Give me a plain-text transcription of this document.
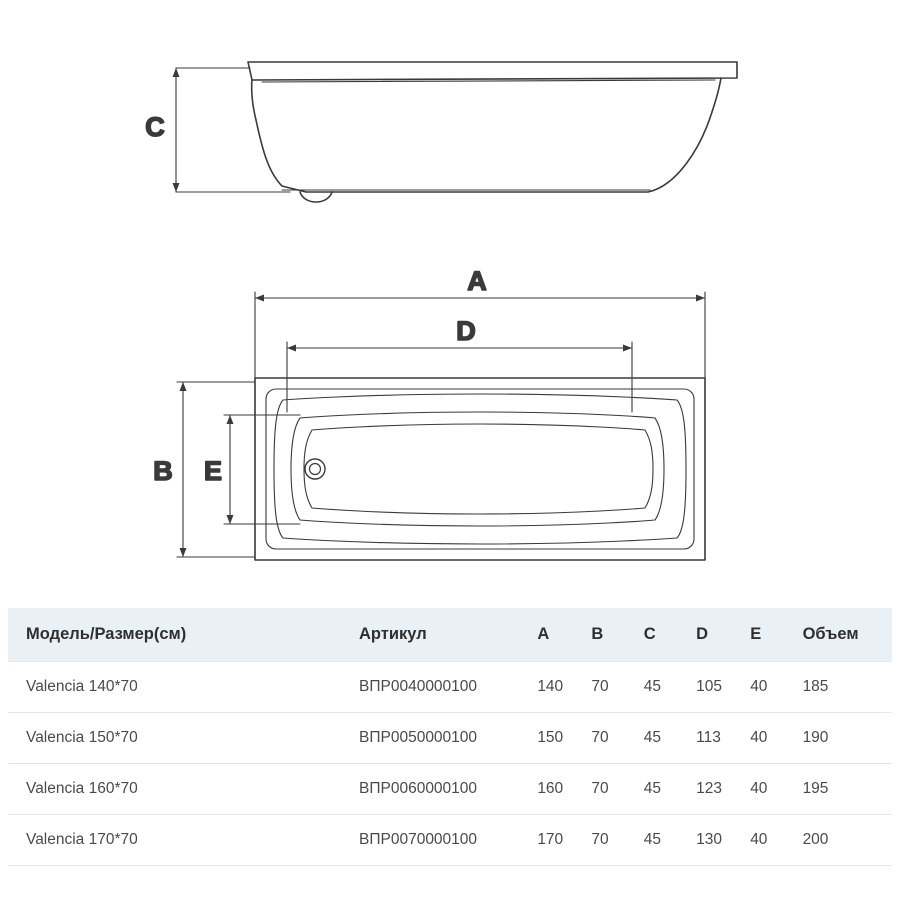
C
A
D
B E
Модель/Размер(см)	Артикул	A	B	C	D	E	Объем
Valencia 140*70	ВПР0040000100	140	70	45	105	40	185
Valencia 150*70	ВПР0050000100	150	70	45	113	40	190
Valencia 160*70	ВПР0060000100	160	70	45	123	40	195
Valencia 170*70	ВПР0070000100	170	70	45	130	40	200
